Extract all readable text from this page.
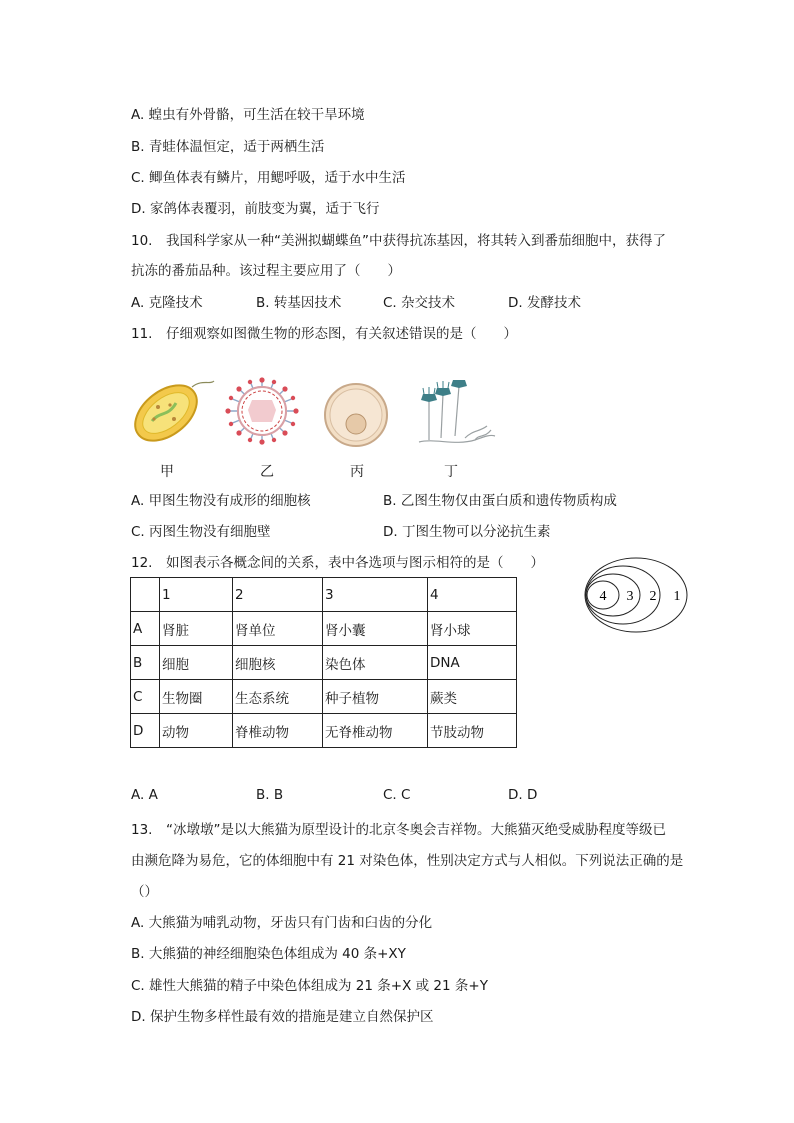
A. 蝗虫有外骨骼，可生活在较干旱环境
B. 青蛙体温恒定，适于两栖生活
C. 鲫鱼体表有鳞片，用鳃呼吸，适于水中生活
D. 家鸽体表覆羽，前肢变为翼，适于飞行
10.　我国科学家从一种“美洲拟蝴蝶鱼”中获得抗冻基因，将其转入到番茄细胞中，获得了
抗冻的番茄品种。该过程主要应用了（　　）
A. 克隆技术	B. 转基因技术	C. 杂交技术	D. 发酵技术
11.　仔细观察如图微生物的形态图，有关叙述错误的是（　　）
甲	乙	丙	丁
A. 甲图生物没有成形的细胞核	B. 乙图生物仅由蛋白质和遗传物质构成
C. 丙图生物没有细胞壁	D. 丁图生物可以分泌抗生素
12.　如图表示各概念间的关系，表中各选项与图示相符的是（　　）
	1	2	3	4
A	肾脏	肾单位	肾小囊	肾小球
B	细胞	细胞核	染色体	DNA
C	生物圈	生态系统	种子植物	蕨类
D	动物	脊椎动物	无脊椎动物	节肢动物
4 3 2 1
A. A	B. B	C. C	D. D
13.　“冰墩墩”是以大熊猫为原型设计的北京冬奥会吉祥物。大熊猫灭绝受威胁程度等级已
由濒危降为易危，它的体细胞中有 21 对染色体，性别决定方式与人相似。下列说法正确的是
（）
A. 大熊猫为哺乳动物，牙齿只有门齿和臼齿的分化
B. 大熊猫的神经细胞染色体组成为 40 条+XY
C. 雄性大熊猫的精子中染色体组成为 21 条+X 或 21 条+Y
D. 保护生物多样性最有效的措施是建立自然保护区
